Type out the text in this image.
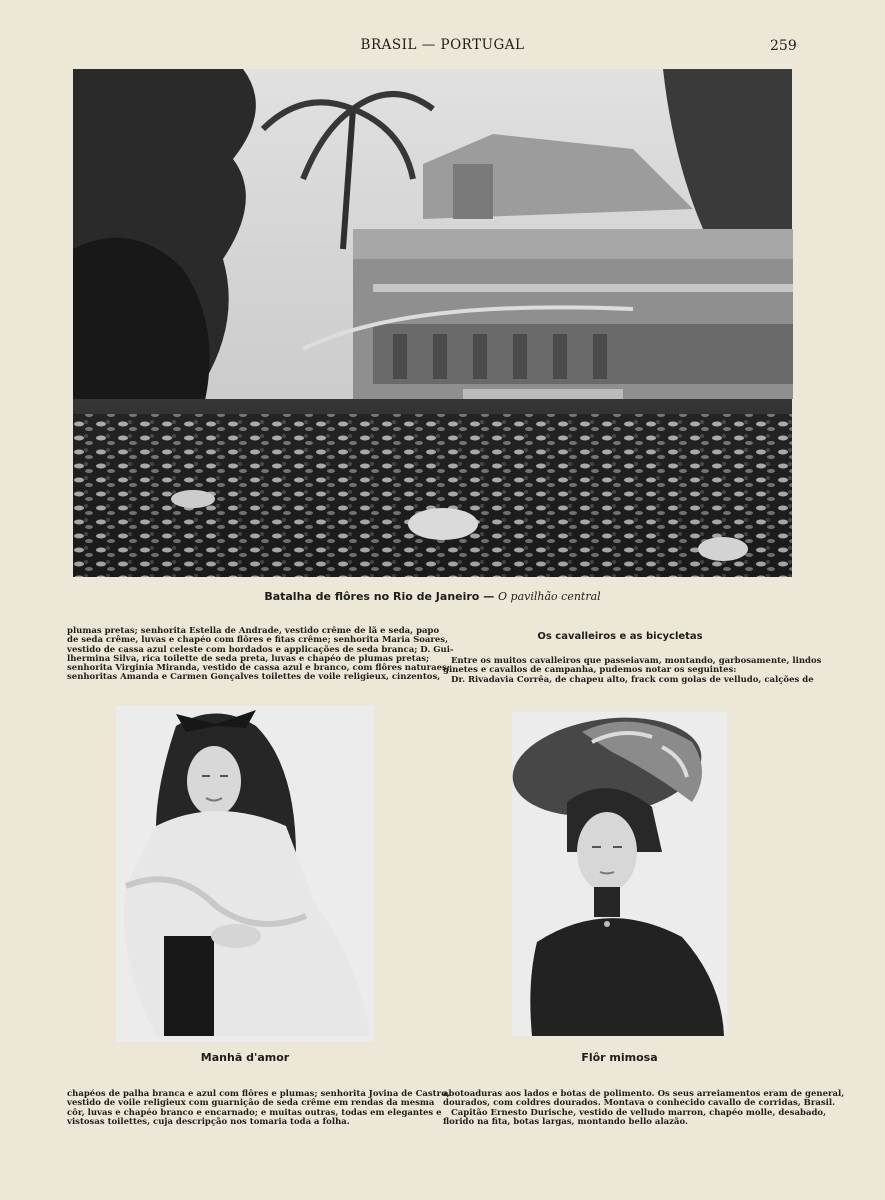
BRASIL — PORTUGAL	259
Batalha de flôres no Rio de Janeiro — O pavilhão central
plumas pretas; senhorita Estella de Andrade, vestido crême de lã e seda, papo
de seda crême, luvas e chapéo com flôres e fitas crême; senhorita Maria Soares,
vestido de cassa azul celeste com bordados e applicações de seda branca; D. Gui-
lhermina Silva, rica toilette de seda preta, luvas e chapéo de plumas pretas;
senhorita Virginia Miranda, vestido de cassa azul e branco, com flôres naturaes;
senhoritas Amanda e Carmen Gonçalves toilettes de voile religieux, cinzentos,
Os cavalleiros e as bicycletas
Entre os muitos cavalleiros que passeiavam, montando, garbosamente, lindos
ginetes e cavallos de campanha, pudemos notar os seguintes:
Dr. Rivadavia Corrêa, de chapeu alto, frack com golas de velludo, calções de
Manhã d'amor	Flôr mimosa
chapéos de palha branca e azul com flôres e plumas; senhorita Jovina de Castro,
vestido de voile religieux com guarnição de seda crême em rendas da mesma
côr, luvas e chapéo branco e encarnado; e muitas outras, todas em elegantes e
vistosas toilettes, cuja descripção nos tomaria toda a folha.
abotoaduras aos lados e botas de polimento. Os seus arreiamentos eram de general,
dourados, com coldres dourados. Montava o conhecido cavallo de corridas, Brasil.
Capitão Ernesto Durische, vestido de velludo marron, chapéo molle, desabado,
florido na fita, botas largas, montando bello alazão.
